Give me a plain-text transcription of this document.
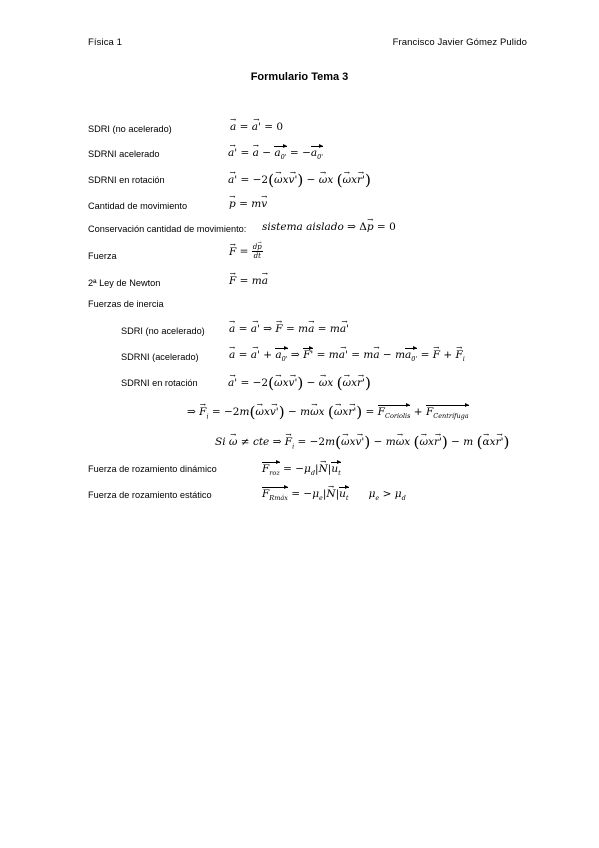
Física 1	Francisco Javier Gómez Pulido
Formulario Tema 3
SDRI (no acelerado)	→ a = → a' = 0
SDRNI acelerado	→ a' = → $a - a_{0'} = -a_{0'}$
SDRNI en rotación	→ a' = −2(→ ωx→ v') − → ωx (→ ωx→ r')
Cantidad de movimiento	→ p = m→ v
Conservación cantidad de movimiento: sistema aislado ⇒ Δ→ p = 0
Fuerza	→ $F = \frac{d\to p}{dt}$
2ª Ley de Newton	→ F = m→ a
Fuerzas de inercia
SDRI (no acelerado) → a = → a' ⇒ → F = m→ a = m→ a'
SDRNI (acelerado)	→ a = → $a' + a_{0'}$ ⇒ $F' = m\to a' = m\to a - ma_{0'}$ = → F + → $F_i$
SDRNI en rotación	→ a' = −2(→ ωx→ v') − → ωx (→ ωx→ r')
⇒ → $F_i = -2m(\to \omega x\to v') - m\to \omega x$ (→ $\omega x\to r') = F_{Coriolis} + F_{Centrífuga}$
Si → ω ≠ cte ⇒ → $F_i = -2m(\to \omega x\to v') - m\to \omega x$ (→ ωx→ r') − m (→ αx→ r')
Fuerza de rozamiento dinámico	$F_{roz} = -\mu_d|\to N|u_t$
Fuerza de rozamiento estático	$F_{Rmáx} = -\mu_e|\to N|u_t$ $\mu_e > \mu_d$
